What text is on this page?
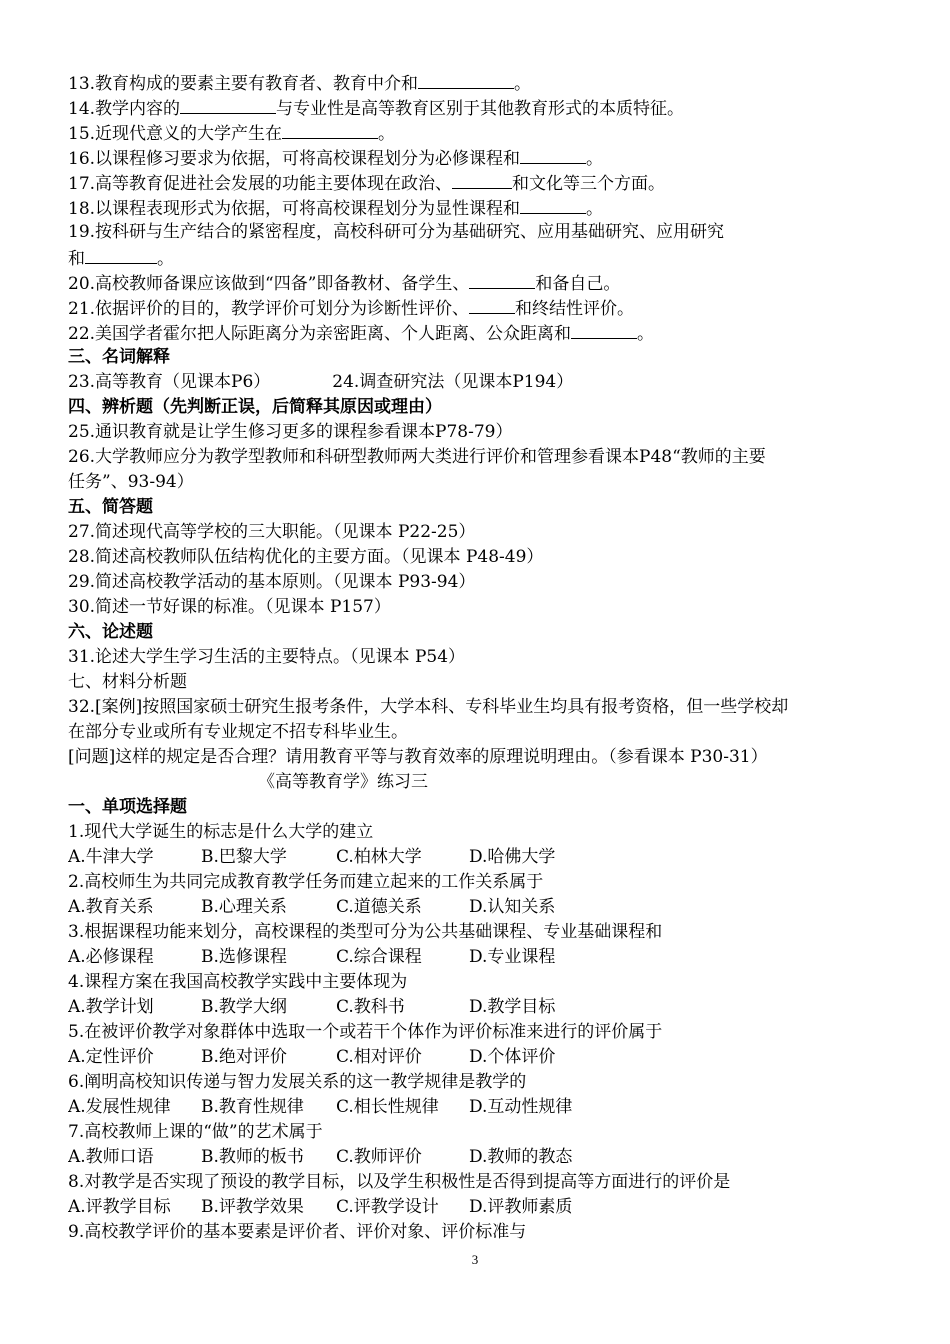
13.教育构成的要素主要有教育者、教育中介和	。
14.教学内容的	与专业性是高等教育区别于其他教育形式的本质特征。
15.近现代意义的大学产生在	。
16.以课程修习要求为依据，可将高校课程划分为必修课程和	。
17.高等教育促进社会发展的功能主要体现在政治、	和文化等三个方面。
18.以课程表现形式为依据，可将高校课程划分为显性课程和	。
19.按科研与生产结合的紧密程度，高校科研可分为基础研究、应用基础研究、应用研究
和	。
20.高校教师备课应该做到“四备”即备教材、备学生、	和备自己。
21.依据评价的目的，教学评价可划分为诊断性评价、	和终结性评价。
22.美国学者霍尔把人际距离分为亲密距离、个人距离、公众距离和	。
三、名词解释
23.高等教育（见课本P6）	24.调查研究法（见课本P194）
四、辨析题（先判断正误，后简释其原因或理由）
25.通识教育就是让学生修习更多的课程参看课本P78-79）
26.大学教师应分为教学型教师和科研型教师两大类进行评价和管理参看课本P48“教师的主要
任务”、93-94）
五、简答题
27.简述现代高等学校的三大职能。（见课本 P22-25）
28.简述高校教师队伍结构优化的主要方面。（见课本 P48-49）
29.简述高校教学活动的基本原则。（见课本 P93-94）
30.简述一节好课的标准。（见课本 P157）
六、论述题
31.论述大学生学习生活的主要特点。（见课本 P54）
七、材料分析题
32.[案例]按照国家硕士研究生报考条件，大学本科、专科毕业生均具有报考资格，但一些学校却
在部分专业或所有专业规定不招专科毕业生。
[问题]这样的规定是否合理？请用教育平等与教育效率的原理说明理由。（参看课本 P30-31）
《高等教育学》练习三
一、单项选择题
1.现代大学诞生的标志是什么大学的建立
A.牛津大学	B.巴黎大学	C.柏林大学	D.哈佛大学
2.高校师生为共同完成教育教学任务而建立起来的工作关系属于
A.教育关系	B.心理关系	C.道德关系	D.认知关系
3.根据课程功能来划分，高校课程的类型可分为公共基础课程、专业基础课程和
A.必修课程	B.选修课程	C.综合课程	D.专业课程
4.课程方案在我国高校教学实践中主要体现为
A.教学计划	B.教学大纲	C.教科书	D.教学目标
5.在被评价教学对象群体中选取一个或若干个体作为评价标准来进行的评价属于
A.定性评价	B.绝对评价	C.相对评价	D.个体评价
6.阐明高校知识传递与智力发展关系的这一教学规律是教学的
A.发展性规律 B.教育性规律 C.相长性规律 D.互动性规律
7.高校教师上课的“做”的艺术属于
A.教师口语	B.教师的板书 C.教师评价	D.教师的教态
8.对教学是否实现了预设的教学目标，以及学生积极性是否得到提高等方面进行的评价是
A.评教学目标 B.评教学效果 C.评教学设计 D.评教师素质
9.高校教学评价的基本要素是评价者、评价对象、评价标准与
3
